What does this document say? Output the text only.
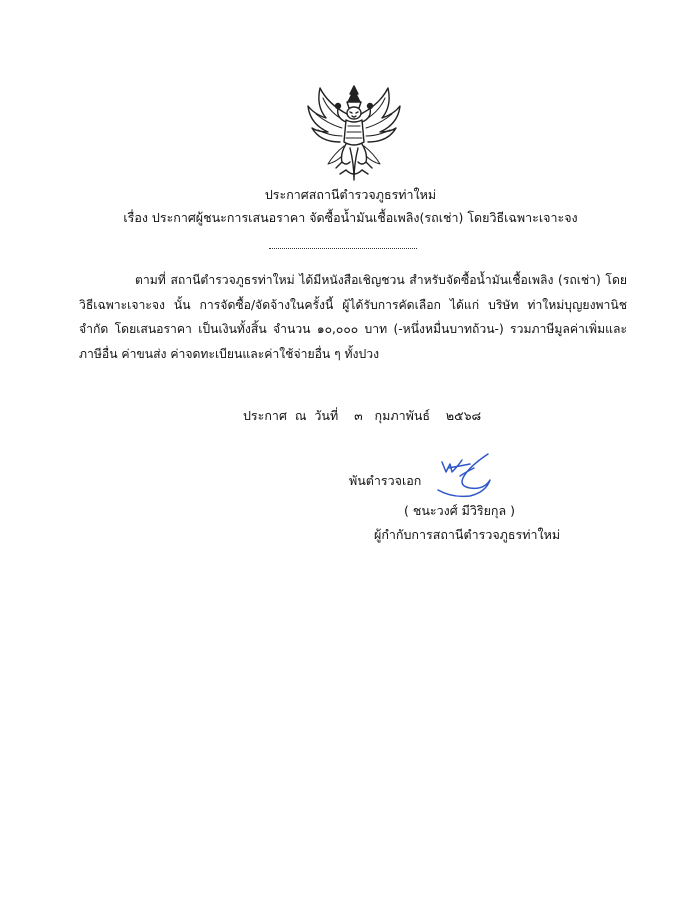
ประกาศสถานีตำรวจภูธรท่าใหม่
เรื่อง ประกาศผู้ชนะการเสนอราคา จัดซื้อน้ำมันเชื้อเพลิง(รถเช่า) โดยวิธีเฉพาะเจาะจง
ตามที่ สถานีตำรวจภูธรท่าใหม่ ได้มีหนังสือเชิญชวน สำหรับจัดซื้อน้ำมันเชื้อเพลิง (รถเช่า) โดยวิธีเฉพาะเจาะจง นั้น การจัดซื้อ/จัดจ้างในครั้งนี้ ผู้ได้รับการคัดเลือก ได้แก่ บริษัท ท่าใหม่บุญยงพานิช จำกัด โดยเสนอราคา เป็นเงินทั้งสิ้น จำนวน ๑๐,๐๐๐ บาท (-หนึ่งหมื่นบาทถ้วน-) รวมภาษีมูลค่าเพิ่มและภาษีอื่น ค่าขนส่ง ค่าจดทะเบียนและค่าใช้จ่ายอื่น ๆ ทั้งปวง
ประกาศ  ณ  วันที่    ๓   กุมภาพันธ์    ๒๕๖๘
พันตำรวจเอก
( ชนะวงศ์ มีวิริยกุล )
ผู้กำกับการสถานีตำรวจภูธรท่าใหม่
